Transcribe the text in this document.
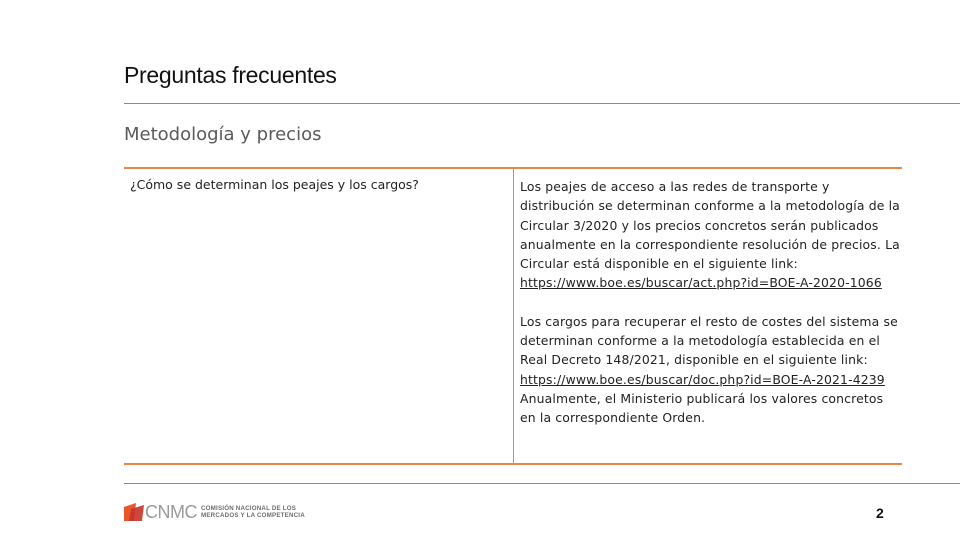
Preguntas frecuentes
Metodología y precios
¿Cómo se determinan los peajes y los cargos?	Los peajes de acceso a las redes de transporte y distribución se determinan conforme a la metodología de la Circular 3/2020 y los precios concretos serán publicados anualmente en la correspondiente resolución de precios. La Circular está disponible en el siguiente link: https://www.boe.es/buscar/act.php?id=BOE-A-2020-1066

Los cargos para recuperar el resto de costes del sistema se determinan conforme a la metodología establecida en el Real Decreto 148/2021, disponible en el siguiente link: https://www.boe.es/buscar/doc.php?id=BOE-A-2021-4239

Anualmente, el Ministerio publicará los valores concretos en la correspondiente Orden.

CNMC COMISIÓN NACIONAL DE LOS
MERCADOS Y LA COMPETENCIA	2
